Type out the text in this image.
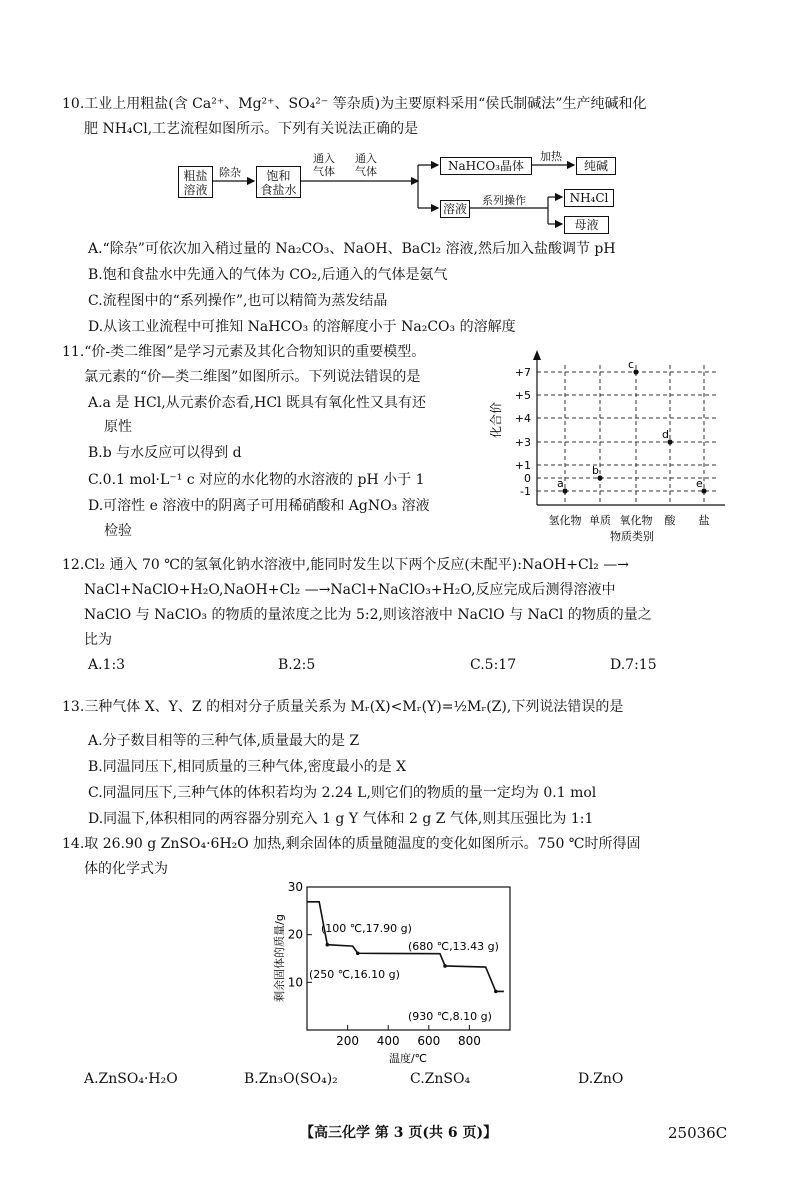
10.工业上用粗盐(含 Ca²⁺、Mg²⁺、SO₄²⁻ 等杂质)为主要原料采用“侯氏制碱法”生产纯碱和化
肥 NH₄Cl,工艺流程如图所示。下列有关说法正确的是
粗盐
溶液
除杂	饱和
食盐水
通入
气体
通入
气体	NaHCO₃晶体
加热
纯碱
溶液
系列操作	NH₄Cl
母液
A.“除杂”可依次加入稍过量的 Na₂CO₃、NaOH、BaCl₂ 溶液,然后加入盐酸调节 pH
B.饱和食盐水中先通入的气体为 CO₂,后通入的气体是氨气
C.流程图中的“系列操作”,也可以精简为蒸发结晶
D.从该工业流程中可推知 NaHCO₃ 的溶解度小于 Na₂CO₃ 的溶解度
11.“价-类二维图”是学习元素及其化合物知识的重要模型。
氯元素的“价—类二维图”如图所示。下列说法错误的是
A.a 是 HCl,从元素价态看,HCl 既具有氧化性又具有还
原性
B.b 与水反应可以得到 d
C.0.1 mol·L⁻¹ c 对应的水化物的水溶液的 pH 小于 1
D.可溶性 e 溶液中的阴离子可用稀硝酸和 AgNO₃ 溶液
检验
+7
+5
+4
+3
+1
0
-1
氢化物 单质 氧化物 酸 盐
a
b
c
d
e
化合价
物质类别
12.Cl₂ 通入 70 ℃的氢氧化钠水溶液中,能同时发生以下两个反应(未配平):NaOH+Cl₂ —→
NaCl+NaClO+H₂O,NaOH+Cl₂ —→NaCl+NaClO₃+H₂O,反应完成后测得溶液中
NaClO 与 NaClO₃ 的物质的量浓度之比为 5:2,则该溶液中 NaClO 与 NaCl 的物质的量之
比为
A.1:3	B.2:5	C.5:17	D.7:15
13.三种气体 X、Y、Z 的相对分子质量关系为 Mᵣ(X)<Mᵣ(Y)=½Mᵣ(Z),下列说法错误的是
A.分子数目相等的三种气体,质量最大的是 Z
B.同温同压下,相同质量的三种气体,密度最小的是 X
C.同温同压下,三种气体的体积若均为 2.24 L,则它们的物质的量一定均为 0.1 mol
D.同温下,体积相同的两容器分别充入 1 g Y 气体和 2 g Z 气体,则其压强比为 1:1
14.取 26.90 g ZnSO₄·6H₂O 加热,剩余固体的质量随温度的变化如图所示。750 ℃时所得固
体的化学式为
10
20
30
200 400 600 800
(100 ℃,17.90 g)
(250 ℃,16.10 g)
(680 ℃,13.43 g)
(930 ℃,8.10 g)
剩余固体的质量/g
温度/℃
A.ZnSO₄·H₂O	B.Zn₃O(SO₄)₂	C.ZnSO₄	D.ZnO
【高三化学 第 3 页(共 6 页)】	25036C
